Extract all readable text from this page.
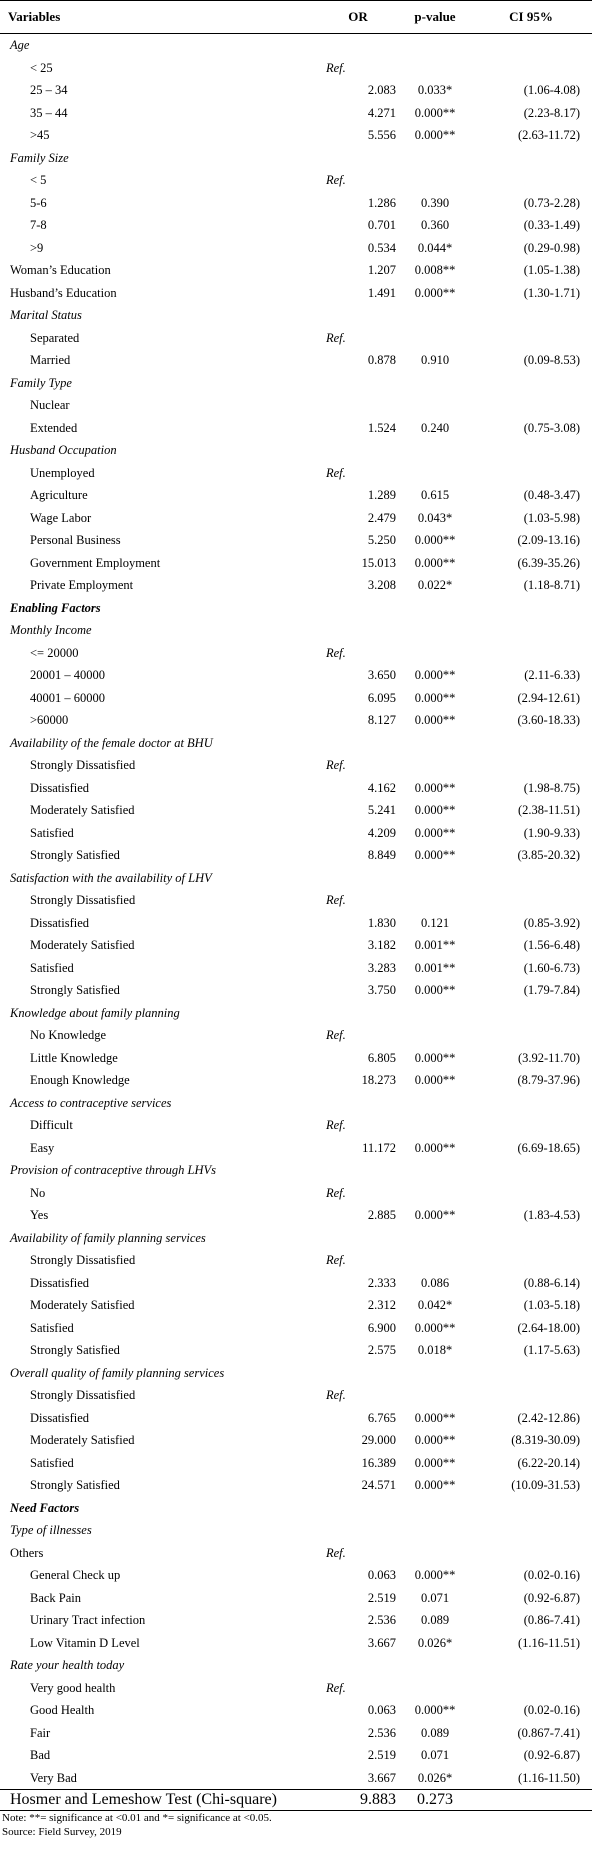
Variables	OR	p-value	CI 95%
Age			
< 25	Ref.		
25 – 34	2.083	0.033*	(1.06-4.08)
35 – 44	4.271	0.000**	(2.23-8.17)
>45	5.556	0.000**	(2.63-11.72)
Family Size			
< 5	Ref.		
5-6	1.286	0.390	(0.73-2.28)
7-8	0.701	0.360	(0.33-1.49)
>9	0.534	0.044*	(0.29-0.98)
Woman’s Education	1.207	0.008**	(1.05-1.38)
Husband’s Education	1.491	0.000**	(1.30-1.71)
Marital Status			
Separated	Ref.		
Married	0.878	0.910	(0.09-8.53)
Family Type			
Nuclear			
Extended	1.524	0.240	(0.75-3.08)
Husband Occupation			
Unemployed	Ref.		
Agriculture	1.289	0.615	(0.48-3.47)
Wage Labor	2.479	0.043*	(1.03-5.98)
Personal Business	5.250	0.000**	(2.09-13.16)
Government Employment	15.013	0.000**	(6.39-35.26)
Private Employment	3.208	0.022*	(1.18-8.71)
Enabling Factors			
Monthly Income			
<= 20000	Ref.		
20001 – 40000	3.650	0.000**	(2.11-6.33)
40001 – 60000	6.095	0.000**	(2.94-12.61)
>60000	8.127	0.000**	(3.60-18.33)
Availability of the female doctor at BHU			
Strongly Dissatisfied	Ref.		
Dissatisfied	4.162	0.000**	(1.98-8.75)
Moderately Satisfied	5.241	0.000**	(2.38-11.51)
Satisfied	4.209	0.000**	(1.90-9.33)
Strongly Satisfied	8.849	0.000**	(3.85-20.32)
Satisfaction with the availability of LHV			
Strongly Dissatisfied	Ref.		
Dissatisfied	1.830	0.121	(0.85-3.92)
Moderately Satisfied	3.182	0.001**	(1.56-6.48)
Satisfied	3.283	0.001**	(1.60-6.73)
Strongly Satisfied	3.750	0.000**	(1.79-7.84)
Knowledge about family planning			
No Knowledge	Ref.		
Little Knowledge	6.805	0.000**	(3.92-11.70)
Enough Knowledge	18.273	0.000**	(8.79-37.96)
Access to contraceptive services			
Difficult	Ref.		
Easy	11.172	0.000**	(6.69-18.65)
Provision of contraceptive through LHVs			
No	Ref.		
Yes	2.885	0.000**	(1.83-4.53)
Availability of family planning services			
Strongly Dissatisfied	Ref.		
Dissatisfied	2.333	0.086	(0.88-6.14)
Moderately Satisfied	2.312	0.042*	(1.03-5.18)
Satisfied	6.900	0.000**	(2.64-18.00)
Strongly Satisfied	2.575	0.018*	(1.17-5.63)
Overall quality of family planning services			
Strongly Dissatisfied	Ref.		
Dissatisfied	6.765	0.000**	(2.42-12.86)
Moderately Satisfied	29.000	0.000**	(8.319-30.09)
Satisfied	16.389	0.000**	(6.22-20.14)
Strongly Satisfied	24.571	0.000**	(10.09-31.53)
Need Factors			
Type of illnesses			
Others	Ref.		
General Check up	0.063	0.000**	(0.02-0.16)
Back Pain	2.519	0.071	(0.92-6.87)
Urinary Tract infection	2.536	0.089	(0.86-7.41)
Low Vitamin D Level	3.667	0.026*	(1.16-11.51)
Rate your health today			
Very good health	Ref.		
Good Health	0.063	0.000**	(0.02-0.16)
Fair	2.536	0.089	(0.867-7.41)
Bad	2.519	0.071	(0.92-6.87)
Very Bad	3.667	0.026*	(1.16-11.50)
Hosmer and Lemeshow Test (Chi-square)	9.883	0.273	
Note: **= significance at <0.01 and *= significance at <0.05.
Source: Field Survey, 2019
